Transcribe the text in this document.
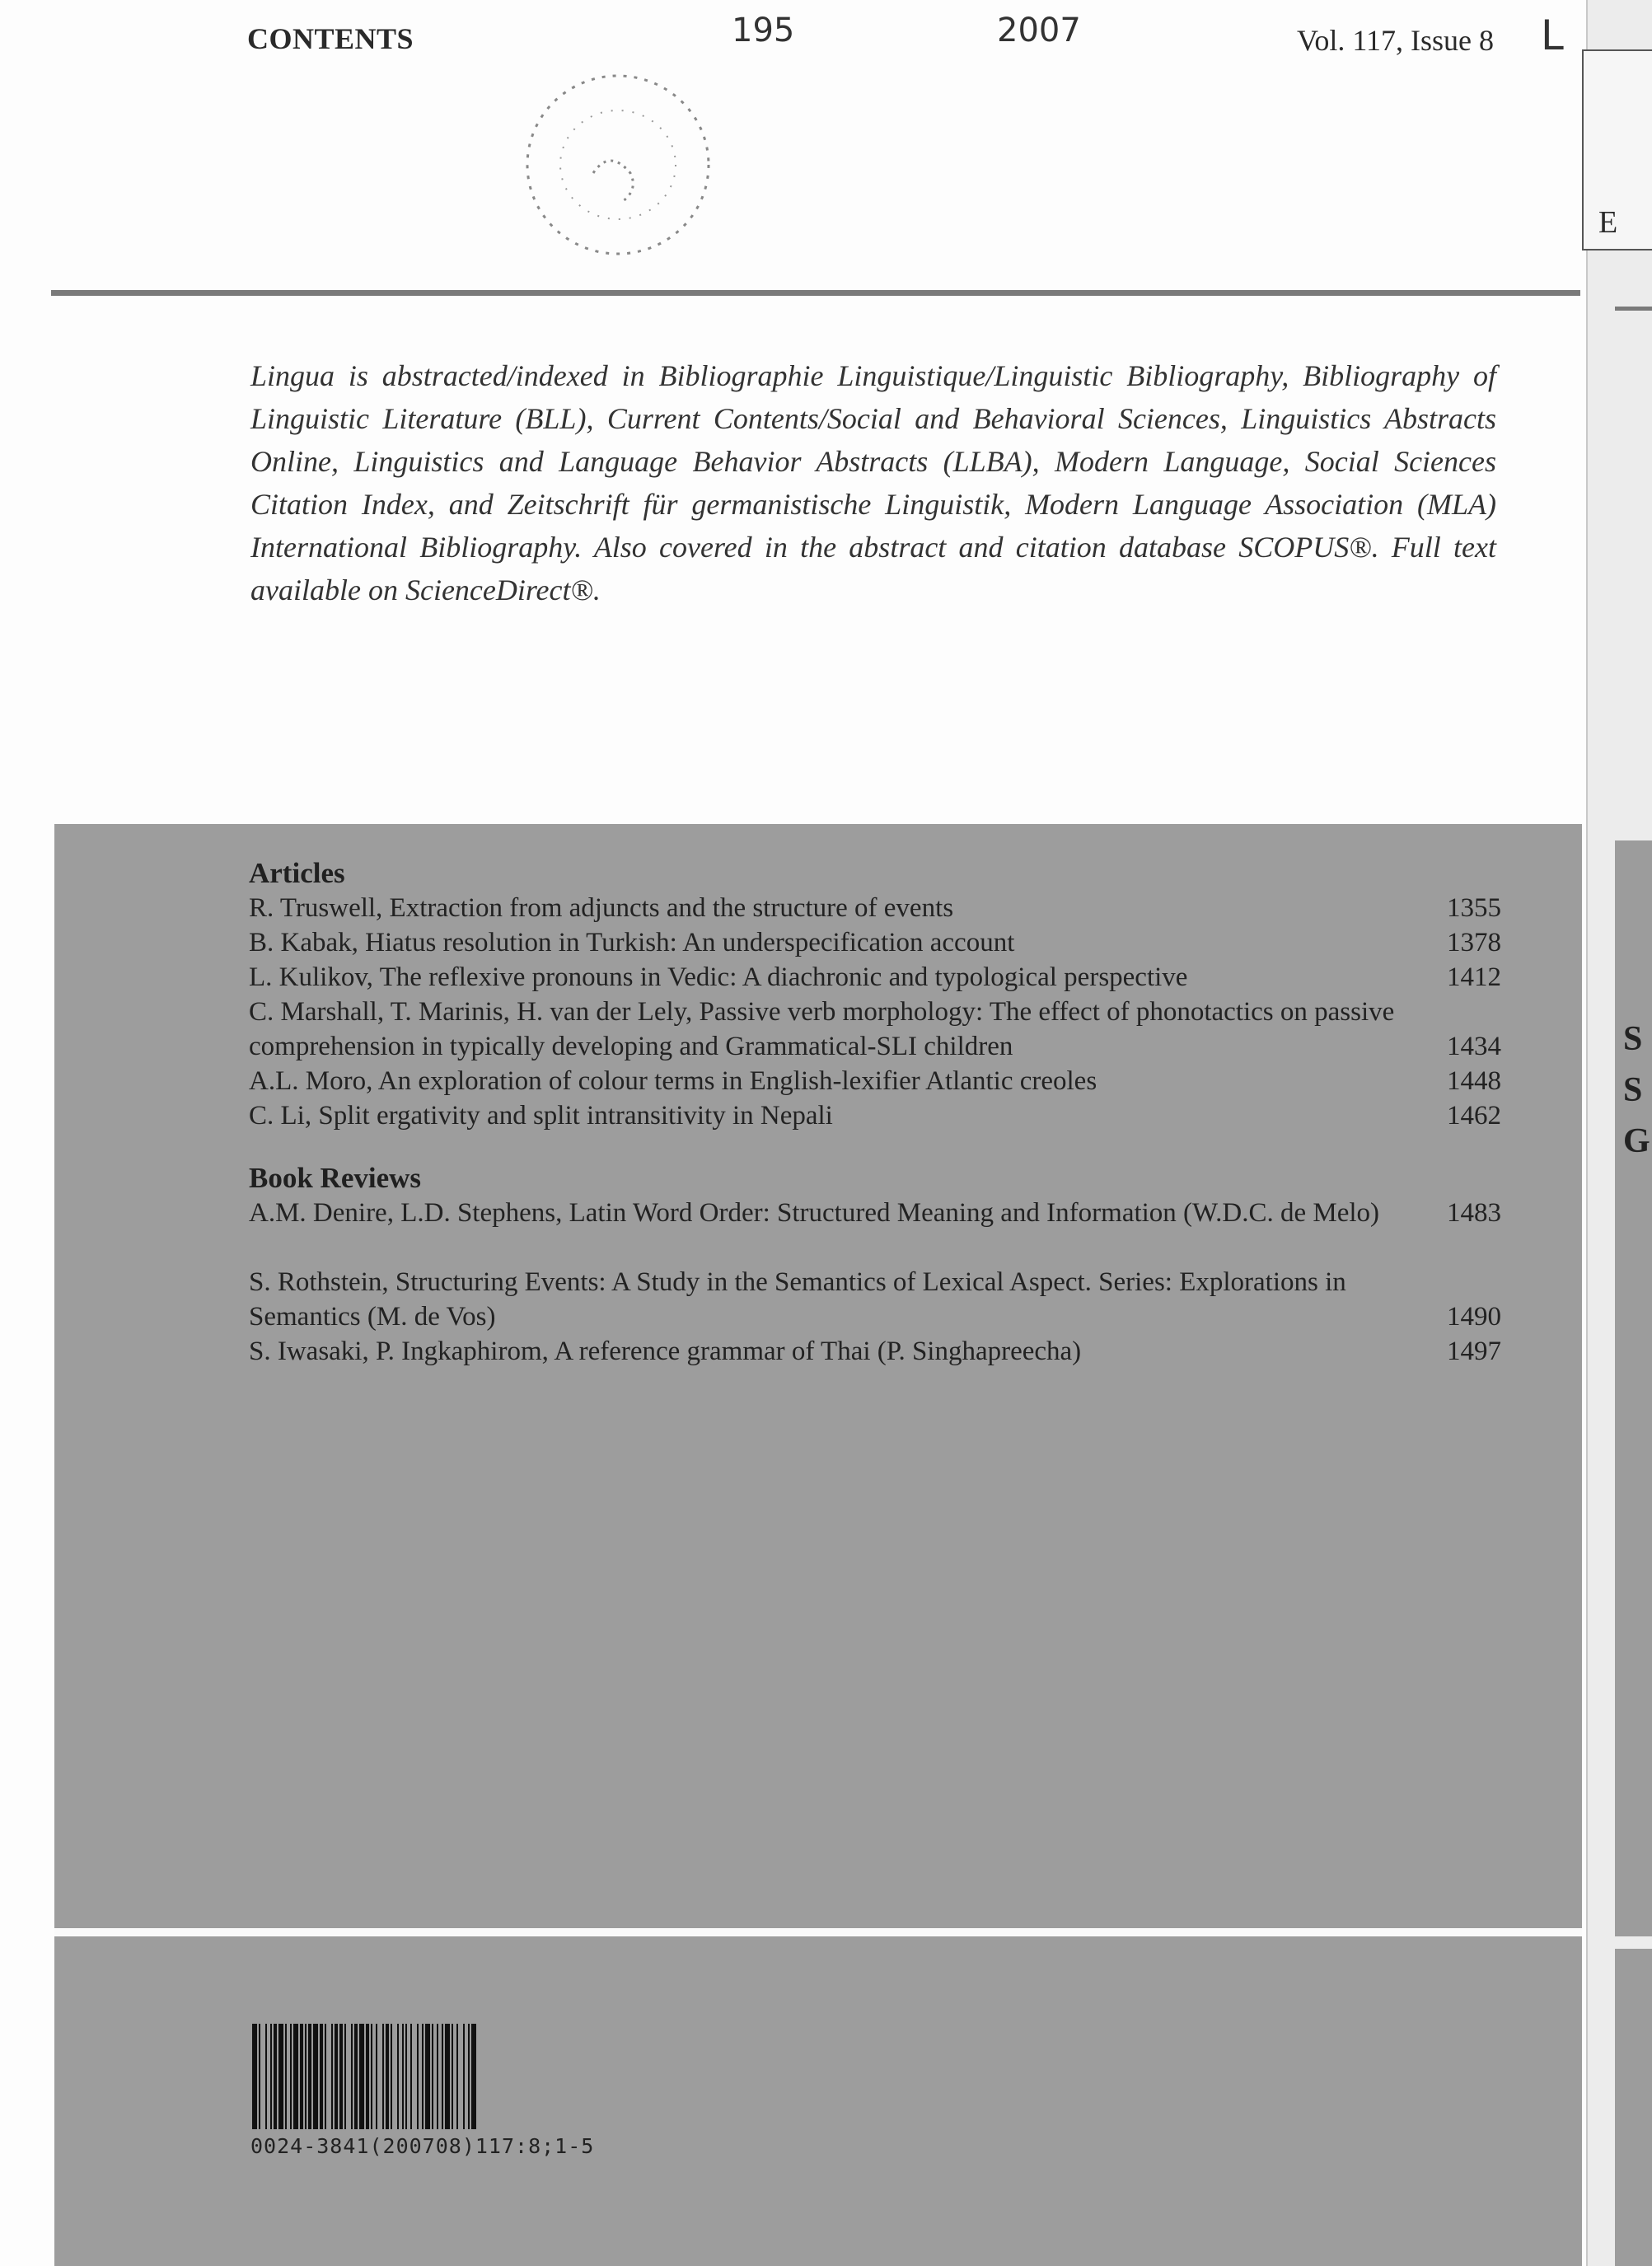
E
S
S
G
CONTENTS	Vol. 117, Issue 8
195	2007	L

Lingua is abstracted/indexed in Bibliographie Linguistique/Linguistic Bibliography, Bibliography of Linguistic Literature (BLL), Current Contents/Social and Behavioral Sciences, Linguistics Abstracts Online, Linguistics and Language Behavior Abstracts (LLBA), Modern Language, Social Sciences Citation Index, and Zeitschrift für germanistische Linguistik, Modern Language Association (MLA) International Bibliography. Also covered in the abstract and citation database SCOPUS®. Full text available on ScienceDirect®.

Articles
R. Truswell, Extraction from adjuncts and the structure of events	1355
B. Kabak, Hiatus resolution in Turkish: An underspecification account	1378
L. Kulikov, The reflexive pronouns in Vedic: A diachronic and typological perspective	1412
C. Marshall, T. Marinis, H. van der Lely, Passive verb morphology: The effect of phonotactics on passive comprehension in typically developing and Grammatical-SLI children	1434
A.L. Moro, An exploration of colour terms in English-lexifier Atlantic creoles	1448
C. Li, Split ergativity and split intransitivity in Nepali	1462
Book Reviews
A.M. Denire, L.D. Stephens, Latin Word Order: Structured Meaning and Information (W.D.C. de Melo)	1483
S. Rothstein, Structuring Events: A Study in the Semantics of Lexical Aspect. Series: Explorations in Semantics (M. de Vos)	1490
S. Iwasaki, P. Ingkaphirom, A reference grammar of Thai (P. Singhapreecha)	1497
0024-3841(200708)117:8;1-5
